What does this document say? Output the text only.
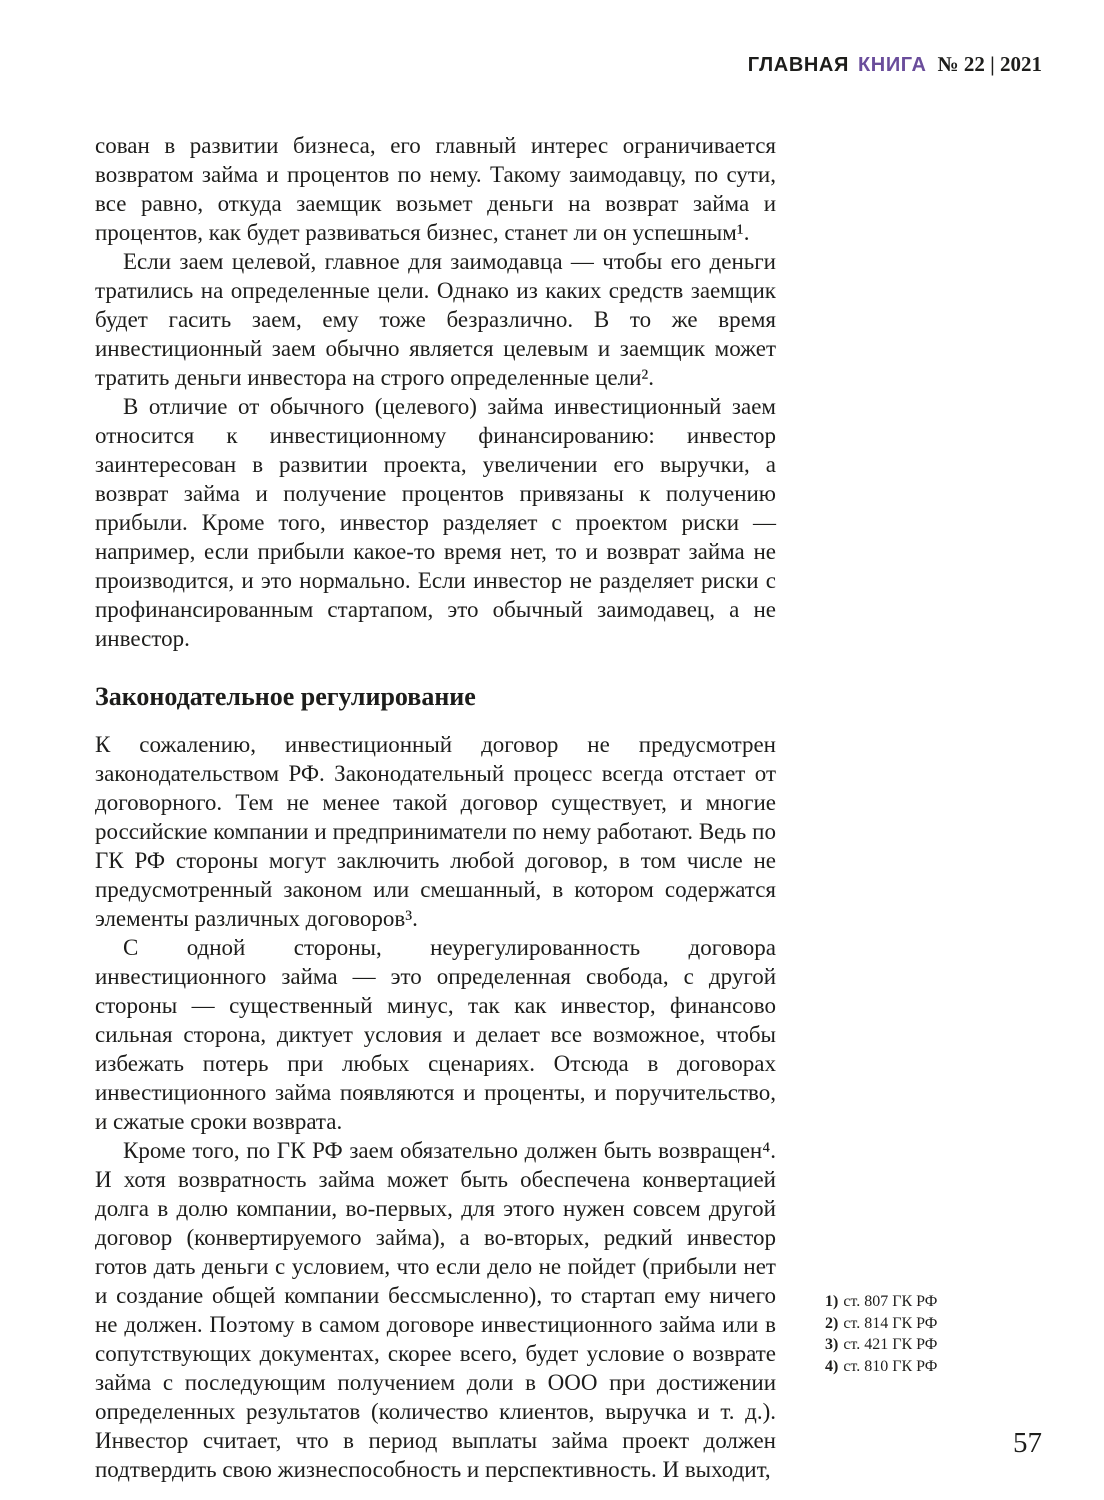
ГЛАВНАЯ КНИГА № 22 | 2021

сован в развитии бизнеса, его главный интерес ограничивается возвратом займа и процентов по нему. Такому заимодавцу, по сути, все равно, откуда заемщик возьмет деньги на возврат займа и процентов, как будет развиваться бизнес, станет ли он успешным¹.

Если заем целевой, главное для заимодавца — чтобы его деньги тратились на определенные цели. Однако из каких средств заемщик будет гасить заем, ему тоже безразлично. В то же время инвестиционный заем обычно является целевым и заемщик может тратить деньги инвестора на строго определенные цели².

В отличие от обычного (целевого) займа инвестиционный заем относится к инвестиционному финансированию: инвестор заинтересован в развитии проекта, увеличении его выручки, а возврат займа и получение процентов привязаны к получению прибыли. Кроме того, инвестор разделяет с проектом риски — например, если прибыли какое-то время нет, то и возврат займа не производится, и это нормально. Если инвестор не разделяет риски с профинансированным стартапом, это обычный заимодавец, а не инвестор.

Законодательное регулирование

К сожалению, инвестиционный договор не предусмотрен законодательством РФ. Законодательный процесс всегда отстает от договорного. Тем не менее такой договор существует, и многие российские компании и предприниматели по нему работают. Ведь по ГК РФ стороны могут заключить любой договор, в том числе не предусмотренный законом или смешанный, в котором содержатся элементы различных договоров³.

С одной стороны, неурегулированность договора инвестиционного займа — это определенная свобода, с другой стороны — существенный минус, так как инвестор, финансово сильная сторона, диктует условия и делает все возможное, чтобы избежать потерь при любых сценариях. Отсюда в договорах инвестиционного займа появляются и проценты, и поручительство, и сжатые сроки возврата.

Кроме того, по ГК РФ заем обязательно должен быть возвращен⁴. И хотя возвратность займа может быть обеспечена конвертацией долга в долю компании, во-первых, для этого нужен совсем другой договор (конвертируемого займа), а во-вторых, редкий инвестор готов дать деньги с условием, что если дело не пойдет (прибыли нет и создание общей компании бессмысленно), то стартап ему ничего не должен. Поэтому в самом договоре инвестиционного займа или в сопутствующих документах, скорее всего, будет условие о возврате займа с последующим получением доли в ООО при достижении определенных результатов (количество клиентов, выручка и т. д.). Инвестор считает, что в период выплаты займа проект должен подтвердить свою жизнеспособность и перспективность. И выходит,

1) ст. 807 ГК РФ
2) ст. 814 ГК РФ
3) ст. 421 ГК РФ
4) ст. 810 ГК РФ
57
